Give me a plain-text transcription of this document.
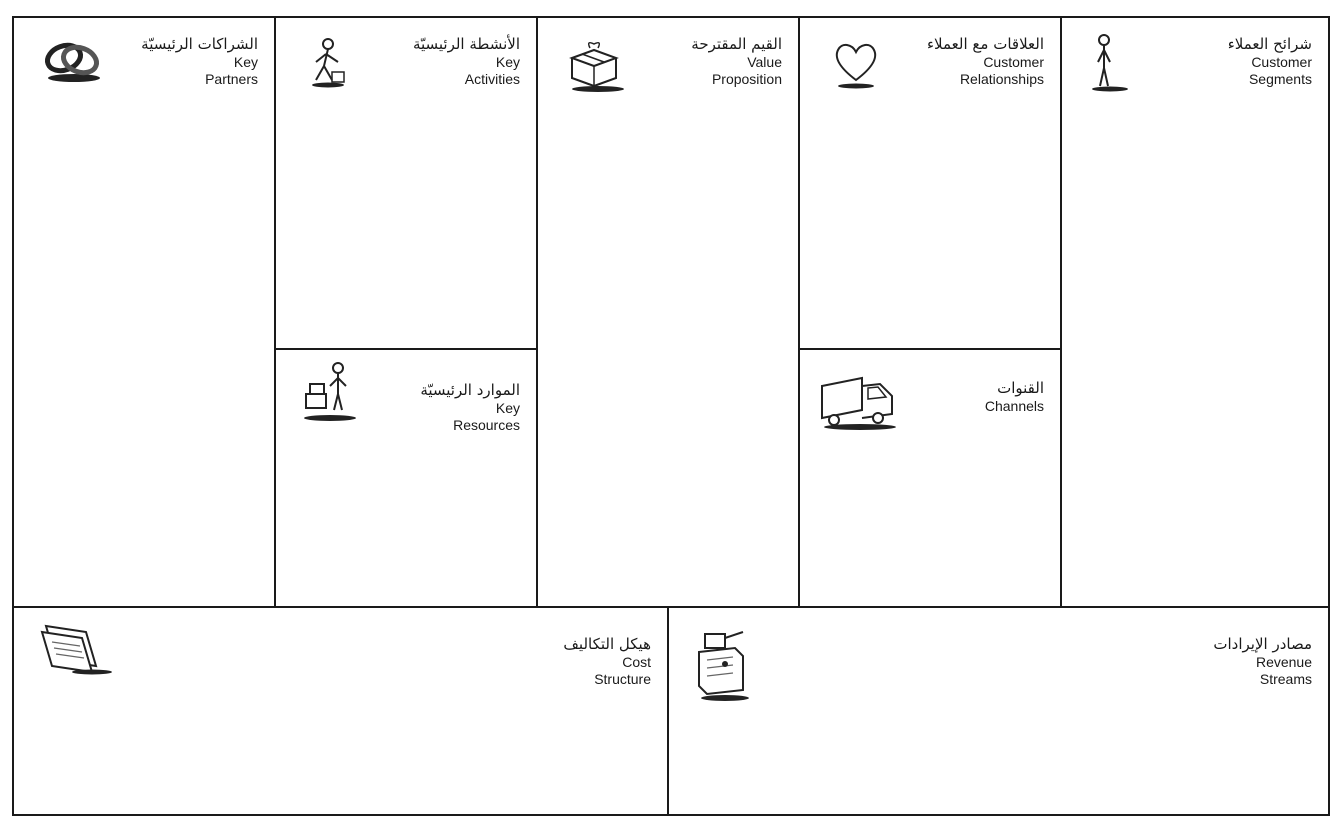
الشراكات الرئيسيّة
Key
Partners
الأنشطة الرئيسيّة
Key
Activities
الموارد الرئيسيّة
Key
Resources
القيم المقترحة
Value
Proposition
العلاقات مع العملاء
Customer
Relationships
القنوات
Channels
شرائح العملاء
Customer
Segments
هيكل التكاليف
Cost
Structure
مصادر الإيرادات
Revenue
Streams
